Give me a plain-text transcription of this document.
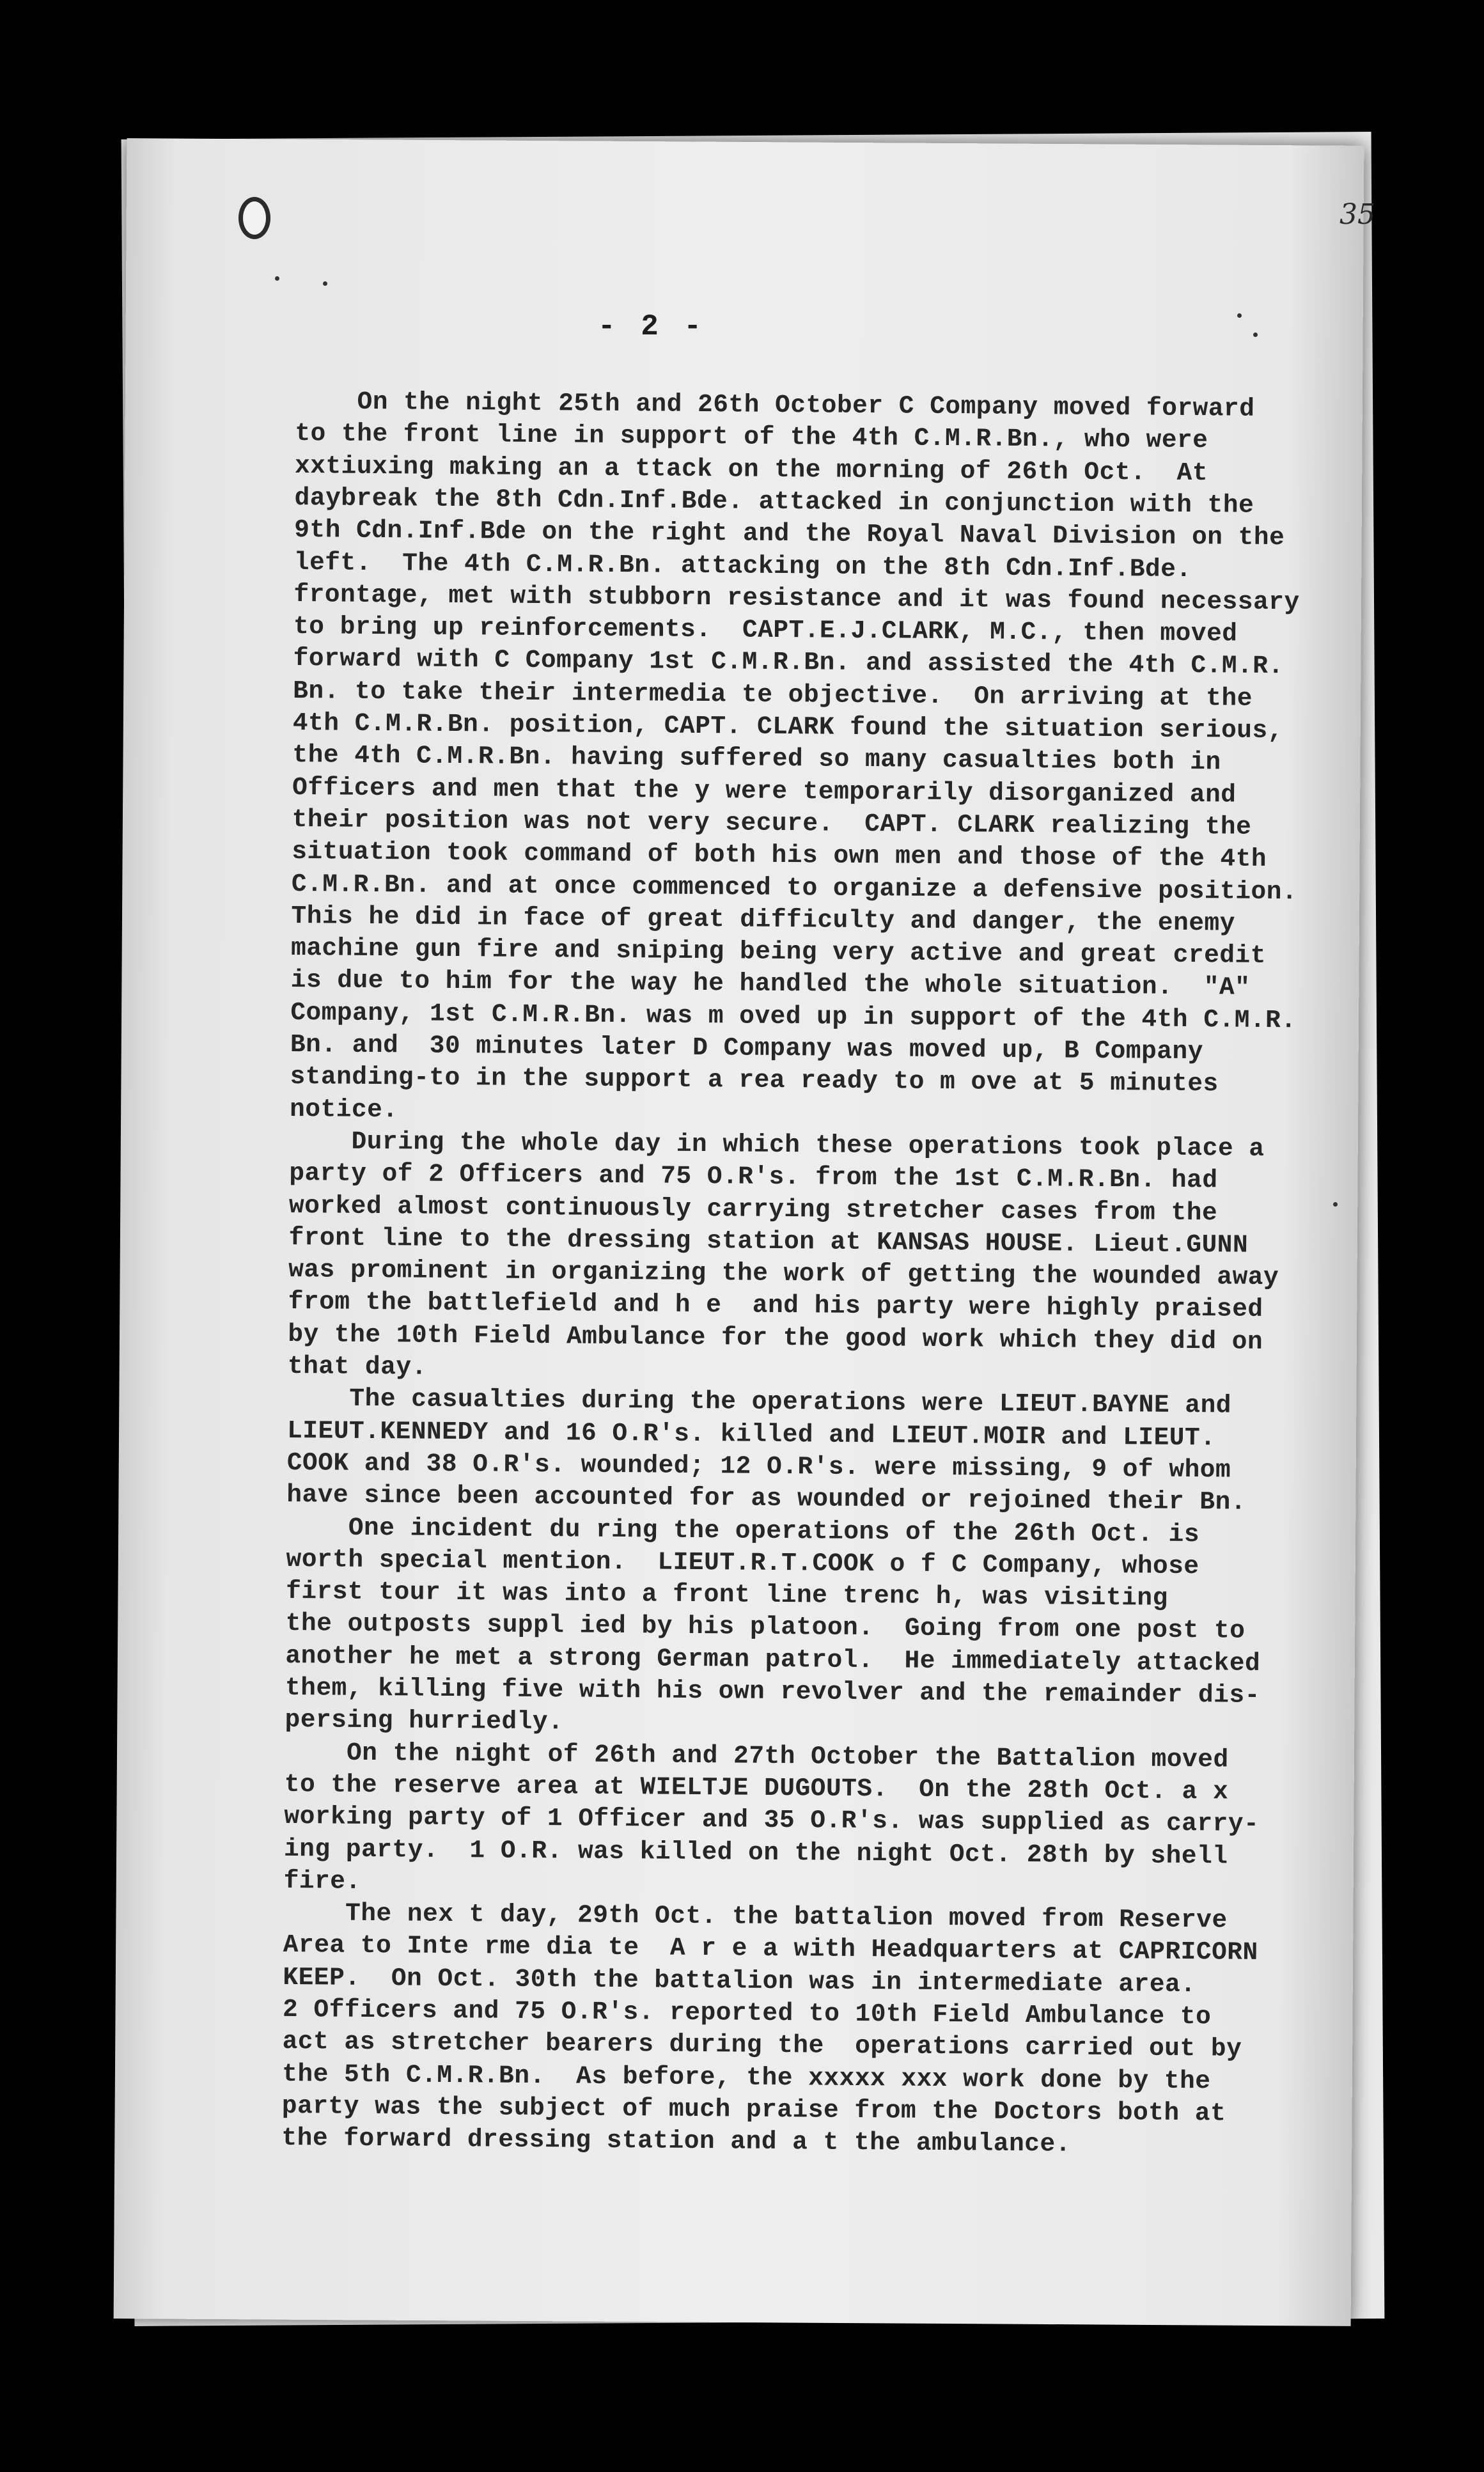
35
- 2 -
On the night 25th and 26th October C Company moved forward
to the front line in support of the 4th C.M.R.Bn., who were
xxtiuxing making an a ttack on the morning of 26th Oct.  At
daybreak the 8th Cdn.Inf.Bde. attacked in conjunction with the
9th Cdn.Inf.Bde on the right and the Royal Naval Division on the
left.  The 4th C.M.R.Bn. attacking on the 8th Cdn.Inf.Bde.
frontage, met with stubborn resistance and it was found necessary
to bring up reinforcements.  CAPT.E.J.CLARK, M.C., then moved
forward with C Company 1st C.M.R.Bn. and assisted the 4th C.M.R.
Bn. to take their intermedia te objective.  On arriving at the
4th C.M.R.Bn. position, CAPT. CLARK found the situation serious,
the 4th C.M.R.Bn. having suffered so many casualties both in
Officers and men that the y were temporarily disorganized and
their position was not very secure.  CAPT. CLARK realizing the
situation took command of both his own men and those of the 4th
C.M.R.Bn. and at once commenced to organize a defensive position.
This he did in face of great difficulty and danger, the enemy
machine gun fire and sniping being very active and great credit
is due to him for the way he handled the whole situation.  "A"
Company, 1st C.M.R.Bn. was m oved up in support of the 4th C.M.R.
Bn. and  30 minutes later D Company was moved up, B Company
standing-to in the support a rea ready to m ove at 5 minutes
notice.
During the whole day in which these operations took place a
party of 2 Officers and 75 O.R's. from the 1st C.M.R.Bn. had
worked almost continuously carrying stretcher cases from the
front line to the dressing station at KANSAS HOUSE. Lieut.GUNN
was prominent in organizing the work of getting the wounded away
from the battlefield and h e  and his party were highly praised
by the 10th Field Ambulance for the good work which they did on
that day.
The casualties during the operations were LIEUT.BAYNE and
LIEUT.KENNEDY and 16 O.R's. killed and LIEUT.MOIR and LIEUT.
COOK and 38 O.R's. wounded; 12 O.R's. were missing, 9 of whom
have since been accounted for as wounded or rejoined their Bn.
One incident du ring the operations of the 26th Oct. is
worth special mention.  LIEUT.R.T.COOK o f C Company, whose
first tour it was into a front line trenc h, was visiting
the outposts suppl ied by his platoon.  Going from one post to
another he met a strong German patrol.  He immediately attacked
them, killing five with his own revolver and the remainder dis-
persing hurriedly.
On the night of 26th and 27th October the Battalion moved
to the reserve area at WIELTJE DUGOUTS.  On the 28th Oct. a x
working party of 1 Officer and 35 O.R's. was supplied as carry-
ing party.  1 O.R. was killed on the night Oct. 28th by shell
fire.
The nex t day, 29th Oct. the battalion moved from Reserve
Area to Inte rme dia te  A r e a with Headquarters at CAPRICORN
KEEP.  On Oct. 30th the battalion was in intermediate area.
2 Officers and 75 O.R's. reported to 10th Field Ambulance to
act as stretcher bearers during the  operations carried out by
the 5th C.M.R.Bn.  As before, the xxxxx xxx work done by the
party was the subject of much praise from the Doctors both at
the forward dressing station and a t the ambulance.
